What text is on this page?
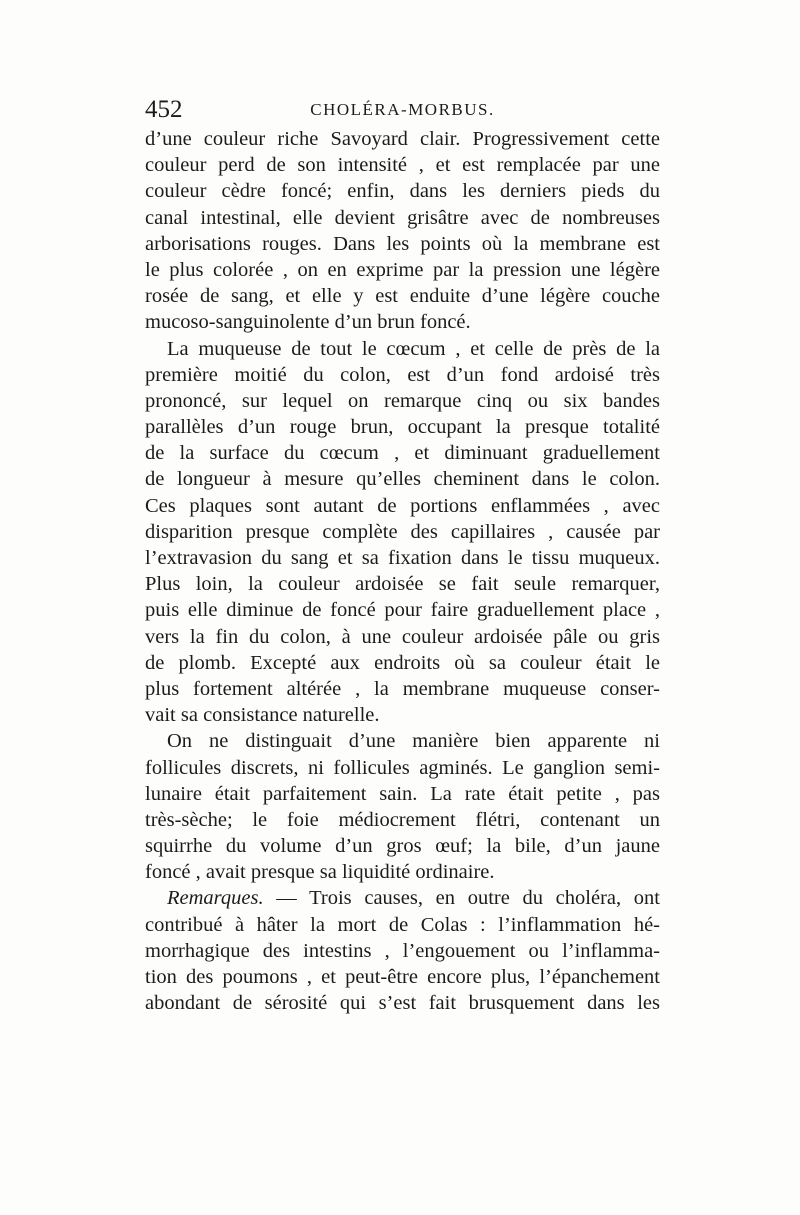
452	CHOLÉRA-MORBUS.
d’une couleur riche Savoyard clair. Progressivement cette
couleur perd de son intensité , et est remplacée par une
couleur cèdre foncé; enfin, dans les derniers pieds du
canal intestinal, elle devient grisâtre avec de nombreuses
arborisations rouges. Dans les points où la membrane est
le plus colorée , on en exprime par la pression une légère
rosée de sang, et elle y est enduite d’une légère couche
mucoso-sanguinolente d’un brun foncé.
La muqueuse de tout le cœcum , et celle de près de la
première moitié du colon, est d’un fond ardoisé très
prononcé, sur lequel on remarque cinq ou six bandes
parallèles d’un rouge brun, occupant la presque totalité
de la surface du cœcum , et diminuant graduellement
de longueur à mesure qu’elles cheminent dans le colon.
Ces plaques sont autant de portions enflammées , avec
disparition presque complète des capillaires , causée par
l’extravasion du sang et sa fixation dans le tissu muqueux.
Plus loin, la couleur ardoisée se fait seule remarquer,
puis elle diminue de foncé pour faire graduellement place ,
vers la fin du colon, à une couleur ardoisée pâle ou gris
de plomb. Excepté aux endroits où sa couleur était le
plus fortement altérée , la membrane muqueuse conser-
vait sa consistance naturelle.
On ne distinguait d’une manière bien apparente ni
follicules discrets, ni follicules agminés. Le ganglion semi-
lunaire était parfaitement sain. La rate était petite , pas
très-sèche; le foie médiocrement flétri, contenant un
squirrhe du volume d’un gros œuf; la bile, d’un jaune
foncé , avait presque sa liquidité ordinaire.
Remarques. — Trois causes, en outre du choléra, ont
contribué à hâter la mort de Colas : l’inflammation hé-
morrhagique des intestins , l’engouement ou l’inflamma-
tion des poumons , et peut-être encore plus, l’épanchement
abondant de sérosité qui s’est fait brusquement dans les
